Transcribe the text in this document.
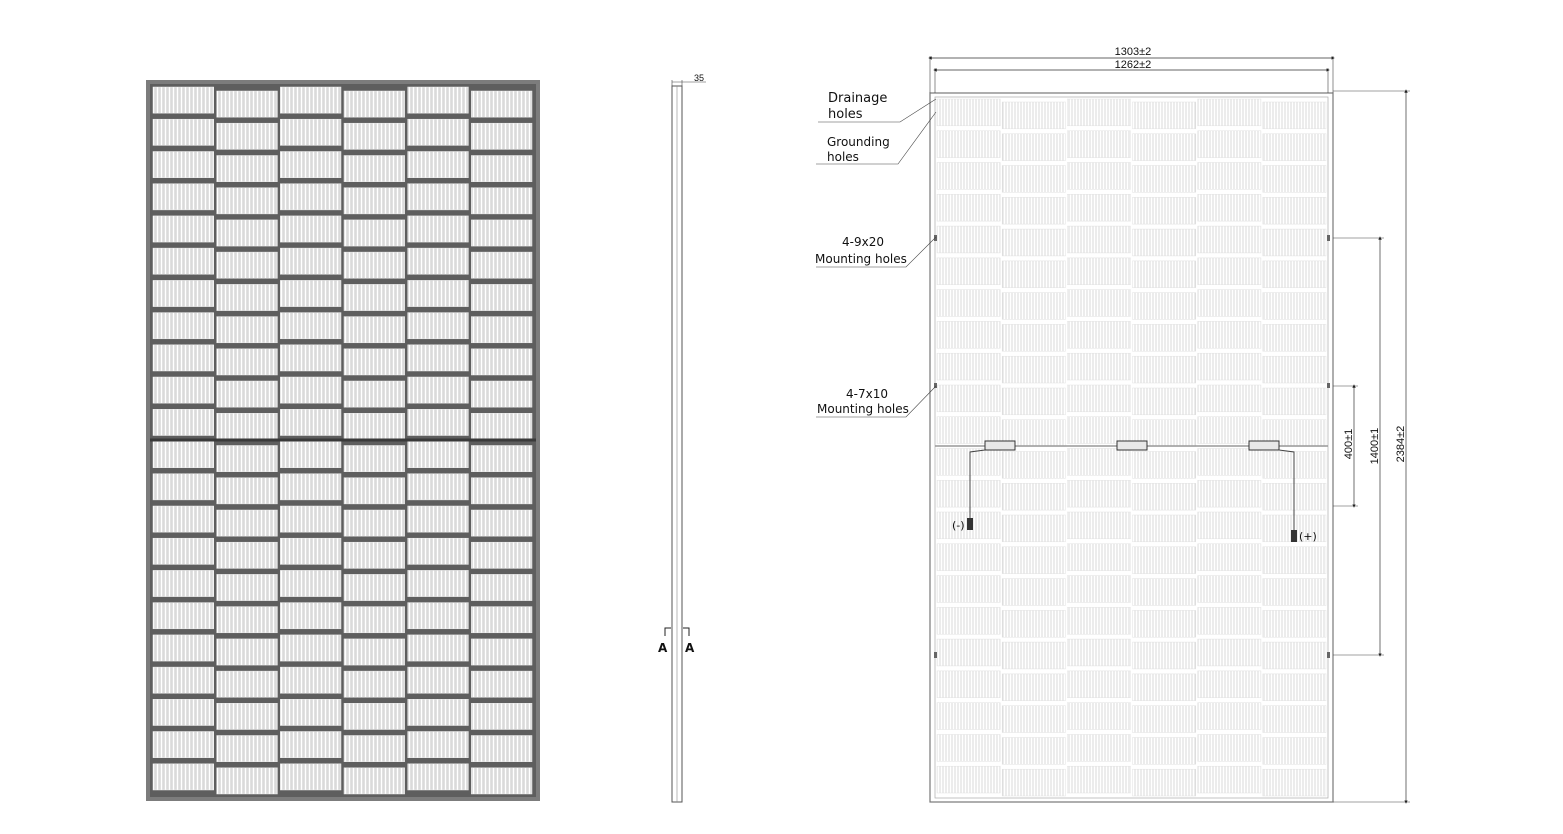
35
A A
(-)
(+)
1303±2
1262±2
2384±2
1400±1
400±1
Drainage
holes
Grounding
holes
4-9x20
Mounting holes
4-7x10
Mounting holes
